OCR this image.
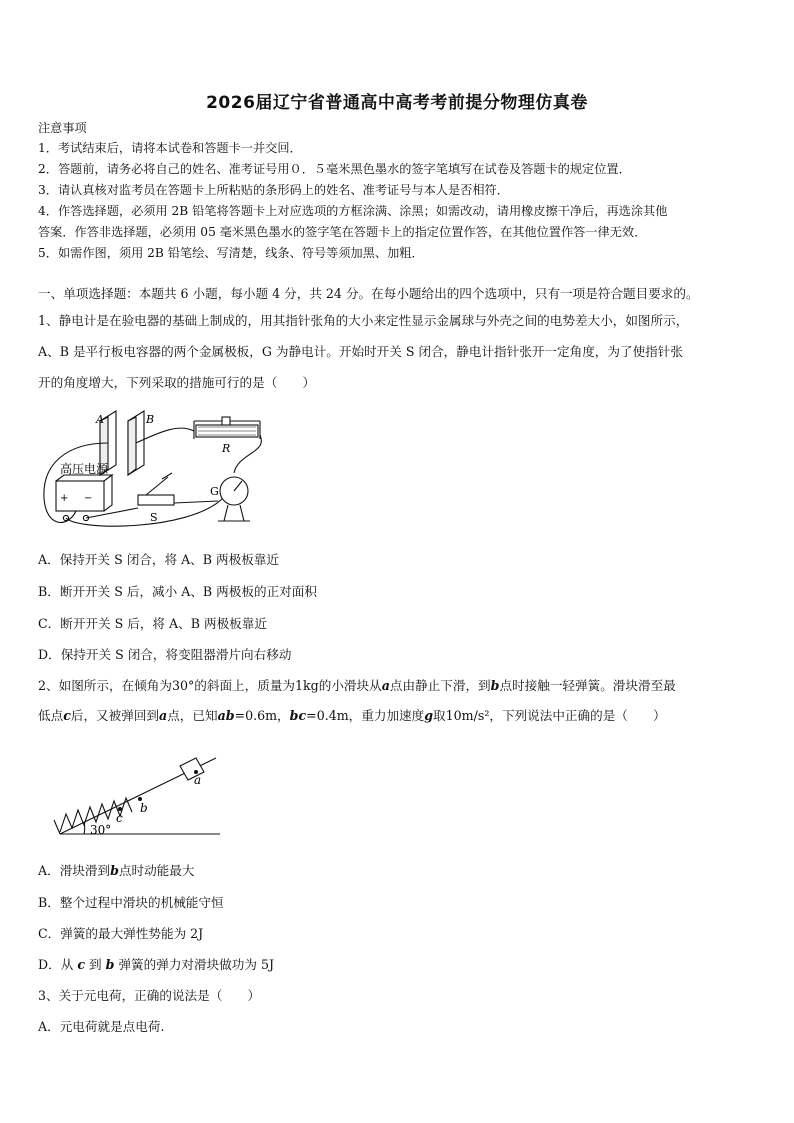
2026届辽宁省普通高中高考考前提分物理仿真卷
注意事项
1．考试结束后，请将本试卷和答题卡一并交回．
2．答题前，请务必将自己的姓名、准考证号用０．５毫米黑色墨水的签字笔填写在试卷及答题卡的规定位置．
3．请认真核对监考员在答题卡上所粘贴的条形码上的姓名、准考证号与本人是否相符．
4．作答选择题，必须用 2B 铅笔将答题卡上对应选项的方框涂满、涂黑；如需改动，请用橡皮擦干净后，再选涂其他
答案．作答非选择题，必须用 05 毫米黑色墨水的签字笔在答题卡上的指定位置作答，在其他位置作答一律无效．
5．如需作图，须用 2B 铅笔绘、写清楚，线条、符号等须加黑、加粗．
一、单项选择题：本题共 6 小题，每小题 4 分，共 24 分。在每小题给出的四个选项中，只有一项是符合题目要求的。
1、静电计是在验电器的基础上制成的，用其指针张角的大小来定性显示金属球与外壳之间的电势差大小，如图所示，
A、B 是平行板电容器的两个金属极板，G 为静电计。开始时开关 S 闭合，静电计指针张开一定角度，为了使指针张
开的角度增大，下列采取的措施可行的是（　　）
A	B
R
G
S
高压电源
+ −
A．保持开关 S 闭合，将 A、B 两极板靠近
B．断开开关 S 后，减小 A、B 两极板的正对面积
C．断开开关 S 后，将 A、B 两极板靠近
D．保持开关 S 闭合，将变阻器滑片向右移动
2、如图所示，在倾角为30°的斜面上，质量为1kg的小滑块从a点由静止下滑，到b点时接触一轻弹簧。滑块滑至最
低点c后，又被弹回到a点，已知ab=0.6m，bc=0.4m，重力加速度g取10m/s²，下列说法中正确的是（　　）
a
b
c
30°
A．滑块滑到b点时动能最大
B．整个过程中滑块的机械能守恒
C．弹簧的最大弹性势能为 2J
D．从 c 到 b 弹簧的弹力对滑块做功为 5J
3、关于元电荷，正确的说法是（　　）
A．元电荷就是点电荷.
